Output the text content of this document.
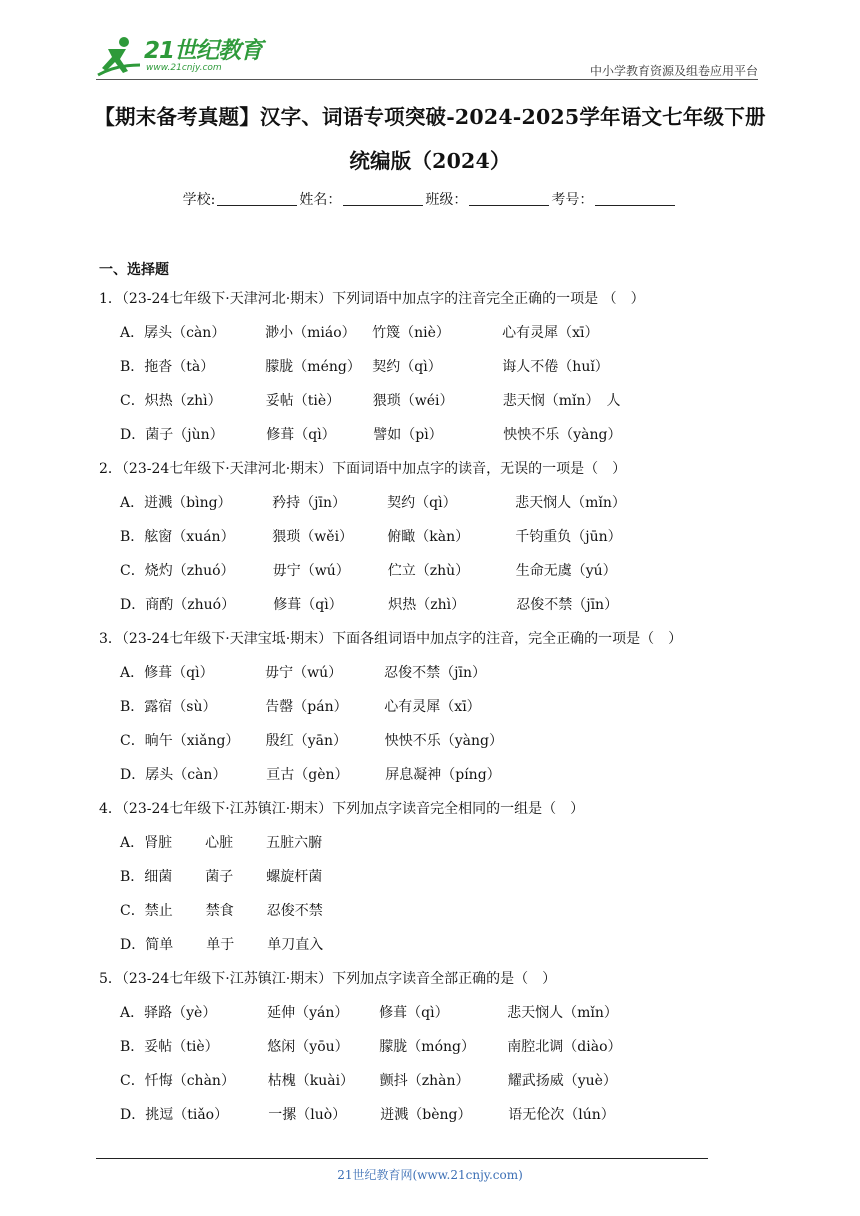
21世纪教育
www.21cnjy.com	中小学教育资源及组卷应用平台
【期末备考真题】汉字、词语专项突破-2024-2025学年语文七年级下册统编版（2024）
学校:	姓名：	班级：	考号：
一、选择题
1．（23-24七年级下·天津河北·期末）下列词语中加点字的注音完全正确的一项是 （　）
A．孱头（càn）	渺小（miáo） 竹篾（niè）	心有灵犀（xī）
B．拖沓（tà）	朦胧（méng） 契约（qì）	诲人不倦（huǐ）
C．炽热（zhì）	妥帖（tiè） 猥琐（wéi）	悲天悯（mǐn）　人
D．菌子（jùn）	修葺（qì）	譬如（pì）	怏怏不乐（yàng）
2．（23-24七年级下·天津河北·期末）下面词语中加点字的读音，无误的一项是（　）
A．迸溅（bìng）	矜持（jīn）	契约（qì）	悲天悯人（mǐn）
B．舷窗（xuán）	猥琐（wěi） 俯瞰（kàn）	千钧重负（jūn）
C．烧灼（zhuó）	毋宁（wú）	伫立（zhù）	生命无虞（yú）
D．商酌（zhuó）	修葺（qì）	炽热（zhì）	忍俊不禁（jīn）
3．（23-24七年级下·天津宝坻·期末）下面各组词语中加点字的注音，完全正确的一项是（　）
A．修葺（qì）	毋宁（wú）	忍俊不禁（jīn）
B．露宿（sù）	告罄（pán）	心有灵犀（xī）
C．晌午（xiǎng） 殷红（yān）	怏怏不乐（yàng）
D．孱头（càn）	亘古（gèn）	屏息凝神（píng）
4．（23-24七年级下·江苏镇江·期末）下列加点字读音完全相同的一组是（　）
A．肾脏 心脏 五脏六腑
B．细菌 菌子 螺旋杆菌
C．禁止 禁食 忍俊不禁
D．简单 单于 单刀直入
5．（23-24七年级下·江苏镇江·期末）下列加点字读音全部正确的是（　）
A．驿路（yè）	延伸（yán） 修葺（qì）	悲天悯人（mǐn）
B．妥帖（tiè）	悠闲（yōu） 朦胧（móng） 南腔北调（diào）
C．忏悔（chàn） 枯槐（kuài） 颤抖（zhàn）	耀武扬威（yuè）
D．挑逗（tiǎo）	一摞（luò） 迸溅（bèng）	语无伦次（lún）
21世纪教育网(www.21cnjy.com)
